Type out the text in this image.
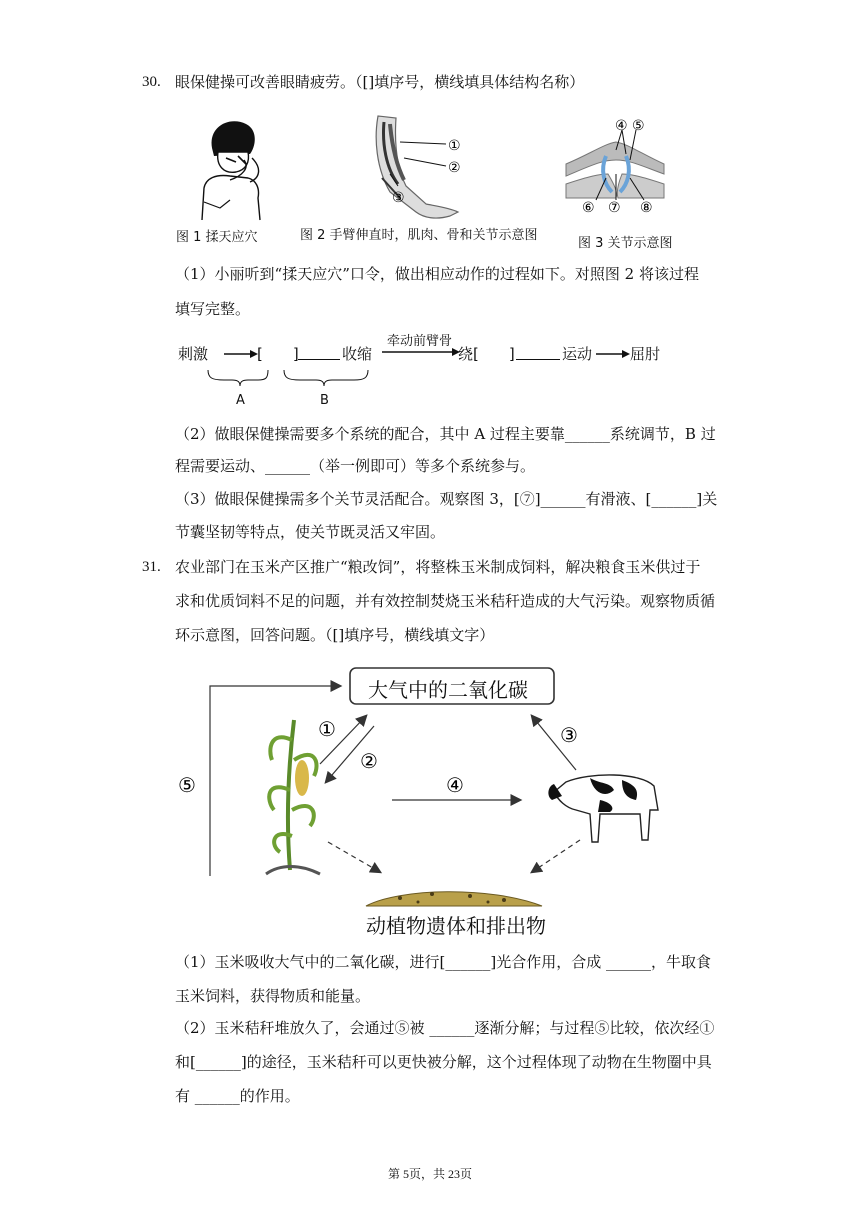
30. 眼保健操可改善眼睛疲劳。（[]填序号，横线填具体结构名称）
图 1 揉天应穴
①
②
③
图 2 手臂伸直时，肌肉、骨和关节示意图
④ ⑤
⑥ ⑦ ⑧
图 3 关节示意图
（1）小丽听到“揉天应穴”口令，做出相应动作的过程如下。对照图 2 将该过程
填写完整。
刺激	[　　]	收缩
牵动前臂骨
绕[　　]	运动	屈肘
A	B
（2）做眼保健操需要多个系统的配合，其中 A 过程主要靠______系统调节，B 过
程需要运动、______（举一例即可）等多个系统参与。
（3）做眼保健操需多个关节灵活配合。观察图 3，[⑦]______有滑液、[______]关
节囊坚韧等特点，使关节既灵活又牢固。
31. 农业部门在玉米产区推广“粮改饲”，将整株玉米制成饲料，解决粮食玉米供过于
求和优质饲料不足的问题，并有效控制焚烧玉米秸秆造成的大气污染。观察物质循
环示意图，回答问题。（[]填序号，横线填文字）
①
②
③
④
⑤
大气中的二氧化碳
动植物遗体和排出物
（1）玉米吸收大气中的二氧化碳，进行[______]光合作用，合成 ______，牛取食
玉米饲料，获得物质和能量。
（2）玉米秸秆堆放久了，会通过⑤被 ______逐渐分解；与过程⑤比较，依次经①
和[______]的途径，玉米秸秆可以更快被分解，这个过程体现了动物在生物圈中具
有 ______的作用。
第 5页，共 23页
